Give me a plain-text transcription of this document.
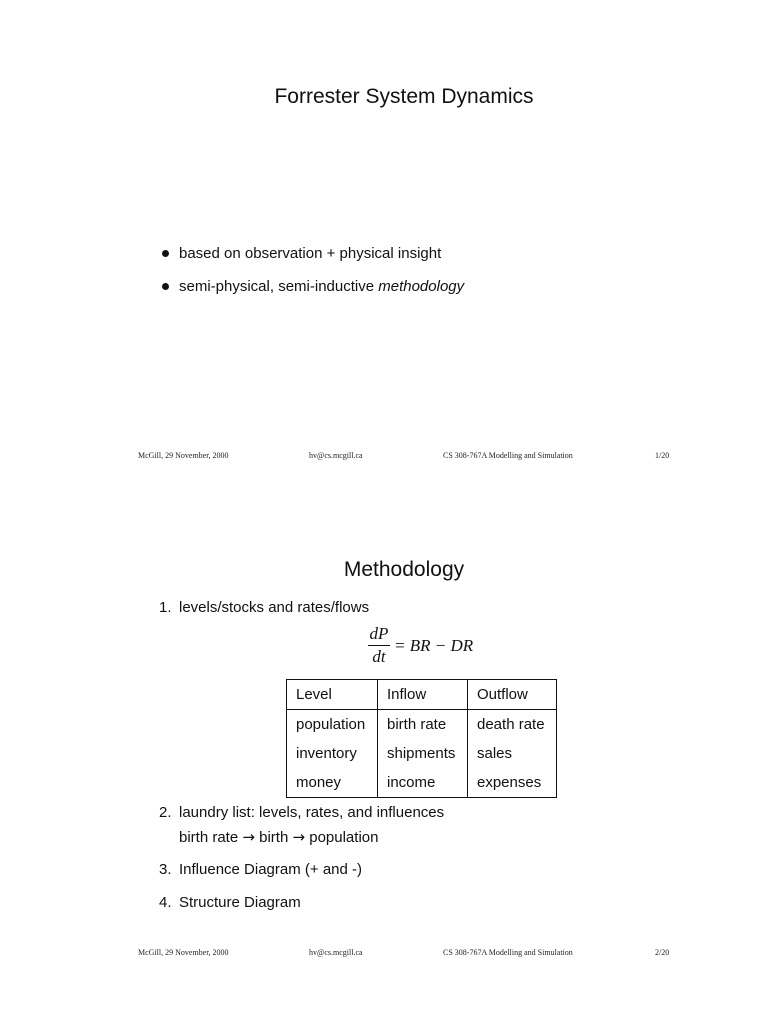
Forrester System Dynamics
based on observation + physical insight
semi-physical, semi-inductive methodology
McGill, 29 November, 2000	hv@cs.mcgill.ca	CS 308-767A Modelling and Simulation	1/20
Methodology
1. levels/stocks and rates/flows
dP
dt
= BR − DR
Level	Inflow	Outflow
population	birth rate	death rate
inventory	shipments	sales
money	income	expenses
2. laundry list: levels, rates, and influences
birth rate → birth → population
3. Influence Diagram (+ and -)
4. Structure Diagram
McGill, 29 November, 2000	hv@cs.mcgill.ca	CS 308-767A Modelling and Simulation	2/20
